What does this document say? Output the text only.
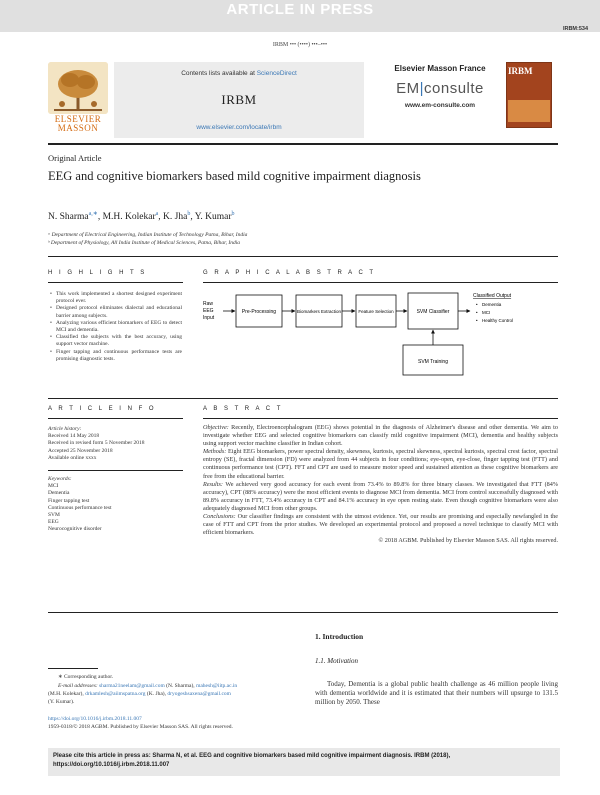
ARTICLE IN PRESS
IRBM:534
IRBM ••• (••••) •••–•••
ELSEVIER
MASSON
Contents lists available at ScienceDirect
IRBM
www.elsevier.com/locate/irbm
Elsevier Masson France
EM|consulte
www.em-consulte.com
IRBM
Original Article
EEG and cognitive biomarkers based mild cognitive impairment diagnosis
N. Sharma$^{a,∗}$, M.H. Kolekar$^a$, K. Jha$^b$, Y. Kumar$^b$
ᵃ Department of Electrical Engineering, Indian Institute of Technology Patna, Bihar, India
ᵇ Department of Physiology, All India Institute of Medical Sciences, Patna, Bihar, India
H I G H L I G H T S
• This work implemented a shortest designed experiment protocol ever.
• Designed protocol eliminates dialectal and educational barrier among subjects.
• Analyzing various efficient biomarkers of EEG to detect MCI and dementia.
• Classified the subjects with the best accuracy, using support vector machine.
• Finger tapping and continuous performance tests are promising diagnostic tests.
G R A P H I C A L A B S T R A C T
Raw
EEG
Input
Pre-Processing	Biomarkers Extraction	Feature Selection	SVM Classifier
SVM Training
Classified Output
• Dementia
• MCI
• Healthy Control
A R T I C L E I N F O
Article history:
Received 14 May 2018
Received in revised form 5 November 2018
Accepted 25 November 2018
Available online xxxx
Keywords:
MCI
Dementia
Finger tapping test
Continuous performance test
SVM
EEG
Neurocognitive disorder
A B S T R A C T

Objective: Recently, Electroencephalogram (EEG) shows potential in the diagnosis of Alzheimer's disease and other dementia. We aim to investigate whether EEG and selected cognitive biomarkers can classify mild cognitive impairment (MCI), dementia and healthy subjects using support vector machine classifier in Indian cohort.

Methods: Eight EEG biomarkers, power spectral density, skewness, kurtosis, spectral skewness, spectral kurtosis, spectral crest factor, spectral entropy (SE), fractal dimension (FD) were analyzed from 44 subjects in four conditions; eye-open, eye-close, finger tapping test (FTT) and continuous performance test (CPT). FFT and CPT are used to measure motor speed and sustained attention as these cognitive biomarkers are free from the educational barrier.

Results: We achieved very good accuracy for each event from 73.4% to 89.8% for three binary classes. We investigated that FTT (84% accuracy), CPT (88% accuracy) were the most efficient events to diagnose MCI from dementia. MCI from control successfully diagnosed with 89.8% accuracy in FTT, 73.4% accuracy in CPT and 84.1% accuracy in eye open resting state. Even though cognitive biomarkers were also adequately diagnosed MCI from other groups.

Conclusions: Our classifier findings are consistent with the utmost evidence. Yet, our results are promising and especially newfangled in the case of FTT and CPT from the prior studies. We developed an experimental protocol and proposed a novel technique to classify MCI with efficient biomarkers.

© 2018 AGBM. Published by Elsevier Masson SAS. All rights reserved.

1. Introduction
1.1. Motivation
Today, Dementia is a global public health challenge as 46 million people living with dementia worldwide and it is estimated that their numbers will upsurge to 131.5 million by 2050. These
∗ Corresponding author.
E-mail addresses: sharma21neelam@gmail.com (N. Sharma), mahesh@iitp.ac.in
(M.H. Kolekar), drkamlesh@aiimspatna.org (K. Jha), dryogeshsaxena@gmail.com
(Y. Kumar).
https://doi.org/10.1016/j.irbm.2018.11.007
1959-0318/© 2018 AGBM. Published by Elsevier Masson SAS. All rights reserved.
Please cite this article in press as: Sharma N, et al. EEG and cognitive biomarkers based mild cognitive impairment diagnosis. IRBM (2018),
https://doi.org/10.1016/j.irbm.2018.11.007
